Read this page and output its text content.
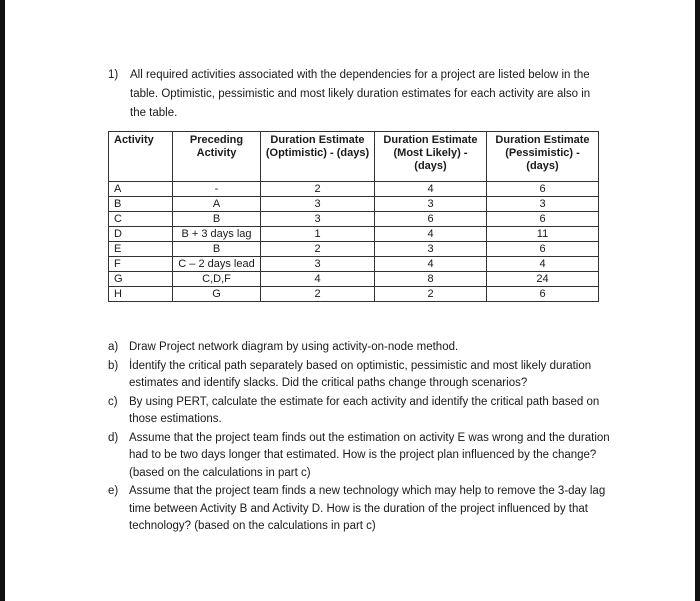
1) All required activities associated with the dependencies for a project are listed below in the table. Optimistic, pessimistic and most likely duration estimates for each activity are also in the table.
Activity	Preceding Activity	Duration Estimate (Optimistic) - (days)	Duration Estimate (Most Likely) - (days)	Duration Estimate (Pessimistic) - (days)
A	-	2	4	6
B	A	3	3	3
C	B	3	6	6
D	B + 3 days lag	1	4	11
E	B	2	3	6
F	C – 2 days lead	3	4	4
G	C,D,F	4	8	24
H	G	2	2	6
a) Draw Project network diagram by using activity-on-node method.
b) İdentify the critical path separately based on optimistic, pessimistic and most likely duration estimates and identify slacks. Did the critical paths change through scenarios?
c) By using PERT, calculate the estimate for each activity and identify the critical path based on those estimations.
d) Assume that the project team finds out the estimation on activity E was wrong and the duration had to be two days longer that estimated. How is the project plan influenced by the change? (based on the calculations in part c)
e) Assume that the project team finds a new technology which may help to remove the 3-day lag time between Activity B and Activity D. How is the duration of the project influenced by that technology? (based on the calculations in part c)
